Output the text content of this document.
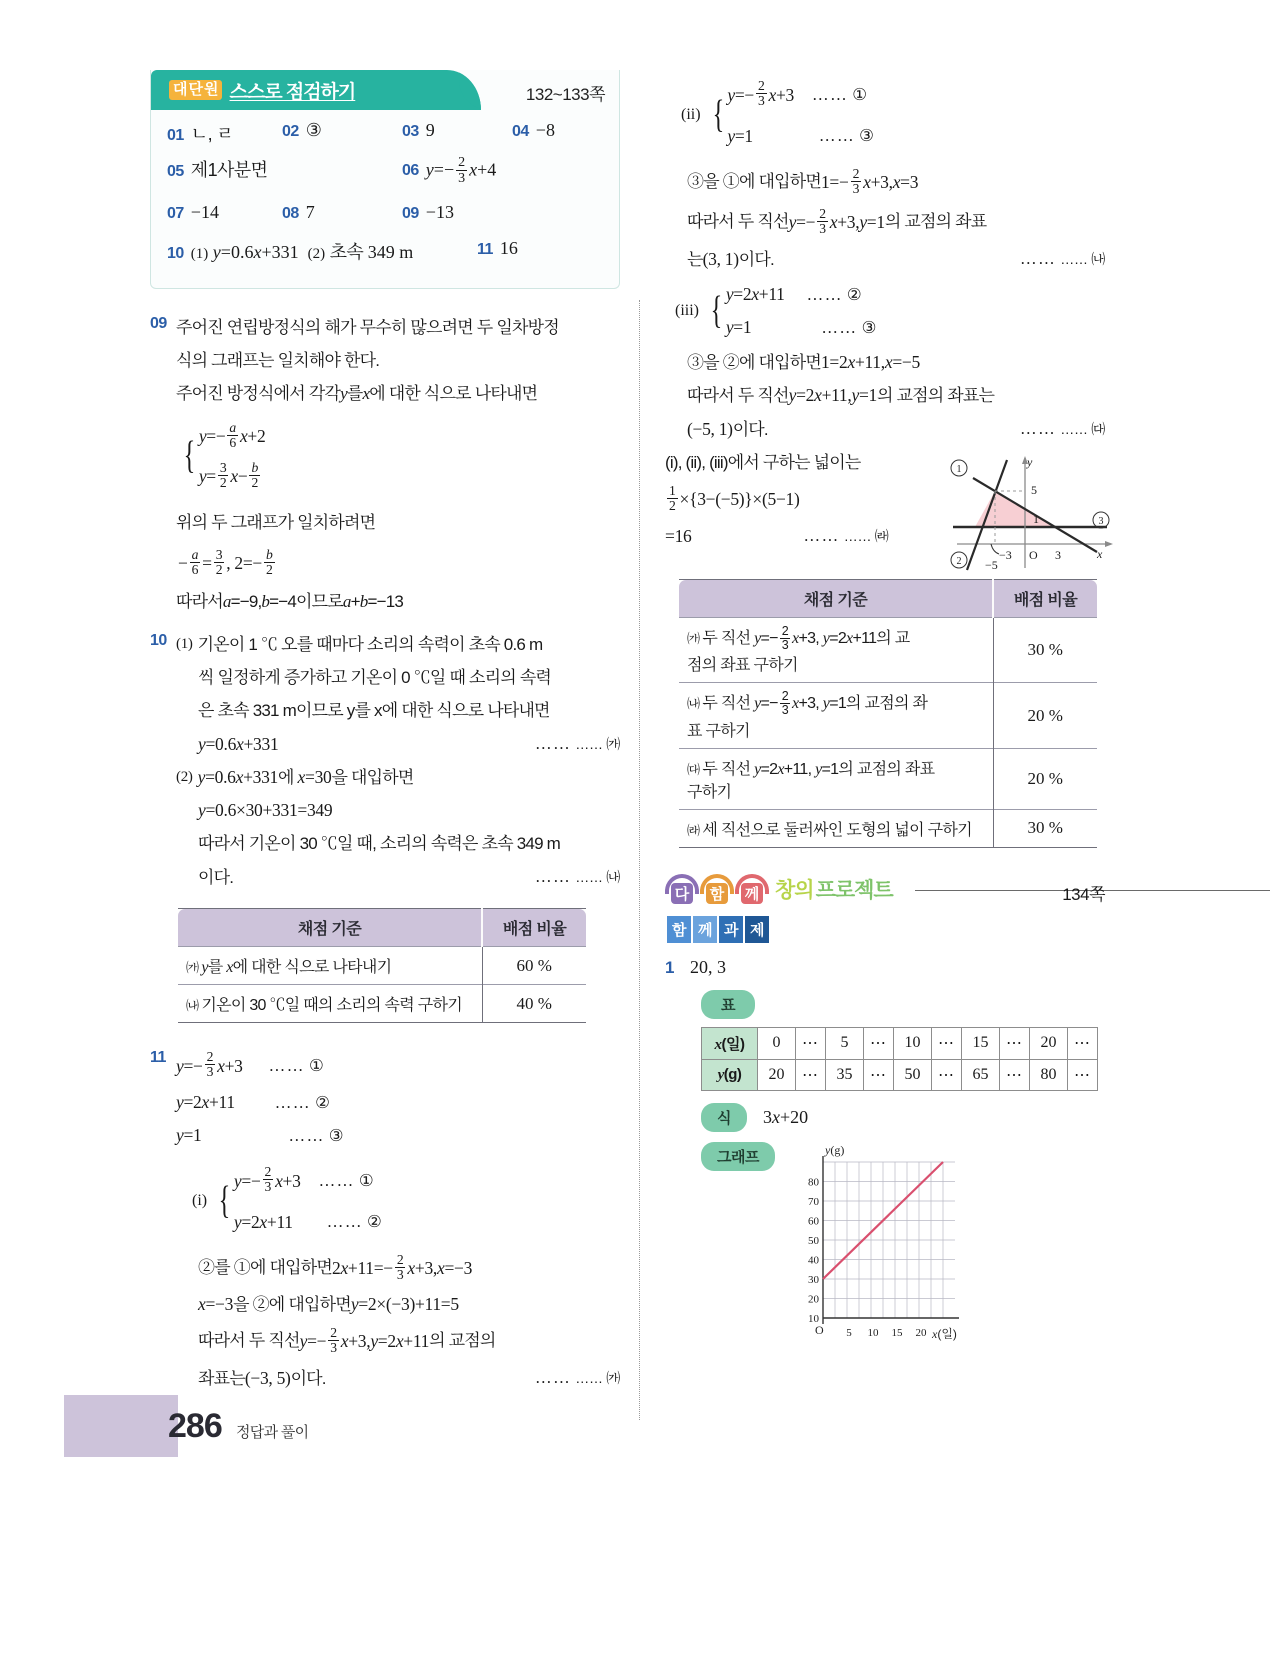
대 단 원 스스로 점검하기	132~133쪽
01 ㄴ, ㄹ	02 ③	03 9	04 −8
05 제1사분면	06 $y=- \frac{2}{3} x+4$
07 −14	08 7	09 −13
10 (1) y=0.6x+331  (2) 초속 349 m	11 16
09 주어진 연립방정식의 해가 무수히 많으려면 두 일차방정
식의 그래프는 일치해야 한다.
주어진 방정식에서 각각 y 를 x 에 대한 식으로 나타내면
{ $y =- \frac{a}{6}$ x +2
$y = \frac{3}{2}$ $x - \frac{b}{2}$
위의 두 그래프가 일치하려면
− $\frac{a}{6} = \frac{3}{2}$ , $2=- \frac{b}{2}$
따라서 a =−9, b =−4이므로 a + b =−13
10 (1) 기온이 1 ℃ 오를 때마다 소리의 속력이 초속 0.6 m
씩 일정하게 증가하고 기온이 0 ℃일 때 소리의 속력
은 초속 331 m이므로 y를 x에 대한 식으로 나타내면
y=0.6x+331	…… …… ㈎
(2) y=0.6x+331에 x=30을 대입하면
y =0.6×30+331=349
따라서 기온이 30 ℃일 때, 소리의 속력은 초속 349 m
이다.	…… …… ㈏
채점 기준	배점 비율
㈎ y를 x에 대한 식으로 나타내기	60 %
㈏ 기온이 30 ℃일 때의 소리의 속력 구하기	40 %
11 $y =- \frac{2}{3}$ x +3 …… ①
y =2 x +11 …… ②
y =1	…… ③
(i) { $y =- \frac{2}{3}$ x +3 …… ①
y =2 x +11 …… ②
②를 ①에 대입하면 2 $x +11=- \frac{2}{3}$ x +3, x =−3
x =−3 을 ②에 대입하면 y =2×(−3)+11=5
따라서 두 직선 $y =- \frac{2}{3}$ x +3, y =2 x +11 의 교점의
좌표는 (−3, 5) 이다.	…… …… ㈎
(ii) { $y =- \frac{2}{3}$ x +3 …… ①
y =1	…… ③
③을 ①에 대입하면 $1=- \frac{2}{3}$ x +3, x =3
따라서 두 직선 $y =- \frac{2}{3}$ x +3, y =1 의 교점의 좌표
는 (3, 1) 이다.	…… …… ㈏
(iii) { y =2 x +11 …… ②
y =1	…… ③
③을 ②에 대입하면 1=2 x +11, x =−5
따라서 두 직선 y =2 x +11, y =1 의 교점의 좌표는
(−5, 1) 이다.	…… …… ㈐
(i), (ii), (iii)에서 구하는 넓이는
$\frac{1}{2} \times\{3-(-5)\}\times(5-1)$
=16	…… …… ㈑
채점 기준	배점 비율
㈎ 두 직선 $y=- \frac{2}{3} x+3$, y=2x+11의 교
점의 좌표 구하기	30 %
㈏ 두 직선 $y=- \frac{2}{3} x+3$, y=1의 교점의 좌
표 구하기	20 %
㈐ 두 직선 y=2x+11, y=1의 교점의 좌표
구하기	20 %
㈑ 세 직선으로 둘러싸인 도형의 넓이 구하기	30 %
다 함 께 창의 프로젝트	134쪽
함 께 과 제
1 20, 3
표
x(일)	0	⋯	5	⋯	10	⋯	15	⋯	20	⋯
y(g)	20	⋯	35	⋯	50	⋯	65	⋯	80	⋯
식	3x+20
그래프
10
20
30
40
50
60
70
80
5 10 15 20
O
y(g)
x(일)
5
1
−3 O 3
−5
y
x
1
2
3
286 정답과 풀이
